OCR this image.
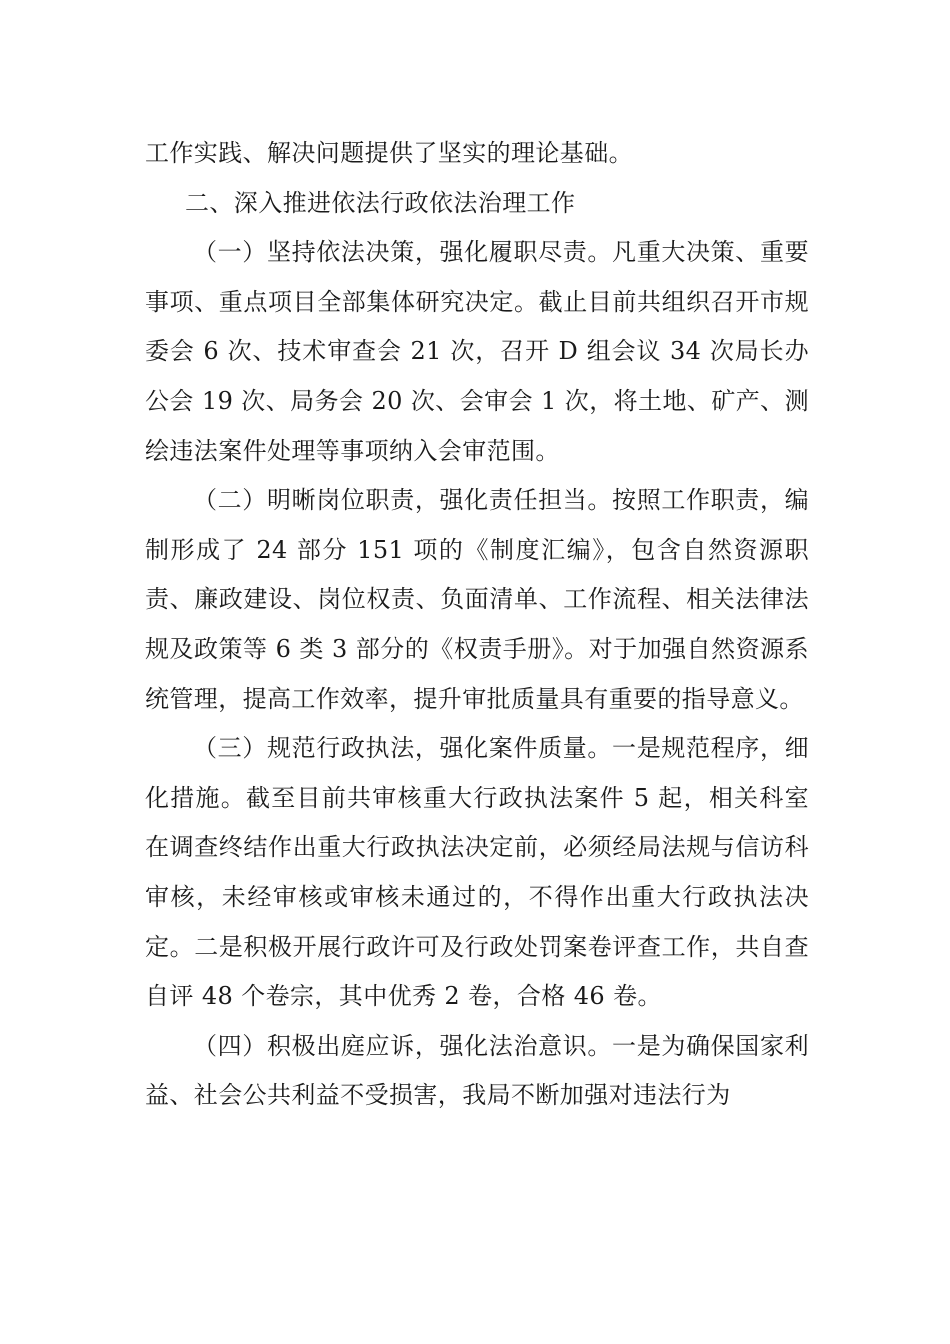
工作实践、解决问题提供了坚实的理论基础。

二、深入推进依法行政依法治理工作

（一）坚持依法决策，强化履职尽责。凡重大决策、重要事项、重点项目全部集体研究决定。截止目前共组织召开市规委会 6 次、技术审查会 21 次，召开 D 组会议 34 次局长办公会 19 次、局务会 20 次、会审会 1 次，将土地、矿产、测绘违法案件处理等事项纳入会审范围。

（二）明晰岗位职责，强化责任担当。按照工作职责，编制形成了 24 部分 151 项的《制度汇编》，包含自然资源职责、廉政建设、岗位权责、负面清单、工作流程、相关法律法规及政策等 6 类 3 部分的《权责手册》。对于加强自然资源系统管理，提高工作效率，提升审批质量具有重要的指导意义。

（三）规范行政执法，强化案件质量。一是规范程序，细化措施。截至目前共审核重大行政执法案件 5 起，相关科室在调查终结作出重大行政执法决定前，必须经局法规与信访科审核，未经审核或审核未通过的，不得作出重大行政执法决定。二是积极开展行政许可及行政处罚案卷评查工作，共自查自评 48 个卷宗，其中优秀 2 卷，合格 46 卷。

（四）积极出庭应诉，强化法治意识。一是为确保国家利益、社会公共利益不受损害，我局不断加强对违法行为
